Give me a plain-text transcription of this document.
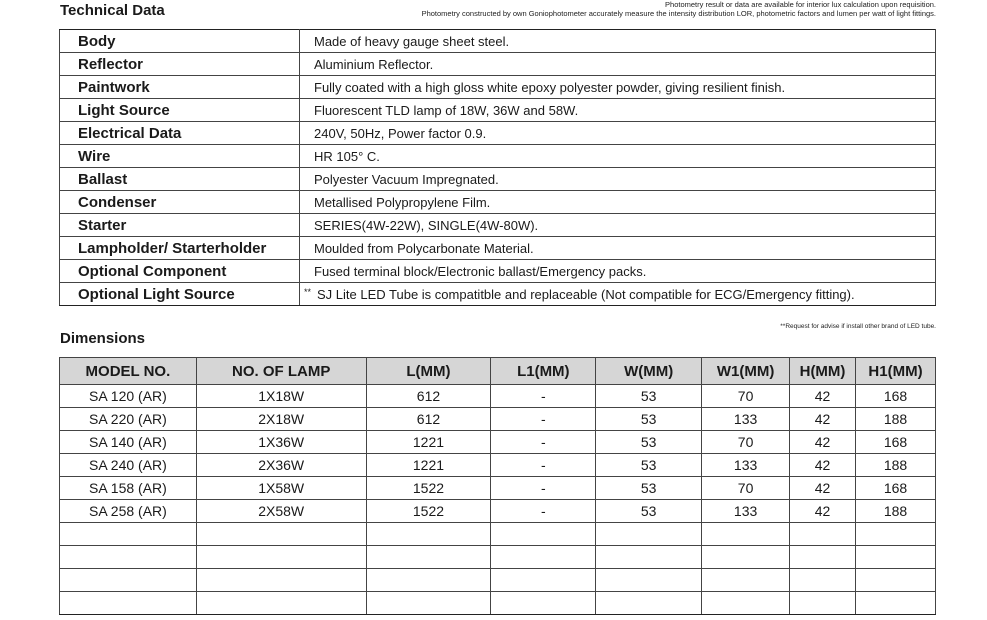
Technical Data	Photometry result or data are available for interior lux calculation upon requisition.
Photometry constructed by own Goniophotometer accurately measure the intensity distribution LOR, photometric factors and lumen per watt of light fittings.
Body	Made of heavy gauge sheet steel.
Reflector	Aluminium Reflector.
Paintwork	Fully coated with a high gloss white epoxy polyester powder, giving resilient finish.
Light Source	Fluorescent TLD lamp of 18W, 36W and 58W.
Electrical Data	240V, 50Hz, Power factor 0.9.
Wire	HR 105° C.
Ballast	Polyester Vacuum Impregnated.
Condenser	Metallised Polypropylene Film.
Starter	SERIES(4W-22W), SINGLE(4W-80W).
Lampholder/ Starterholder	Moulded from Polycarbonate Material.
Optional Component	Fused terminal block/Electronic ballast/Emergency packs.
Optional Light Source	** SJ Lite LED Tube is compatitble and replaceable (Not compatible for ECG/Emergency fitting).
Dimensions
**Request for advise if install other brand of LED tube.
MODEL NO.	NO. OF LAMP	L(MM)	L1(MM)	W(MM)	W1(MM)	H(MM)	H1(MM)
SA 120 (AR)	1X18W	612	-	53	70	42	168
SA 220 (AR)	2X18W	612	-	53	133	42	188
SA 140 (AR)	1X36W	1221	-	53	70	42	168
SA 240 (AR)	2X36W	1221	-	53	133	42	188
SA 158 (AR)	1X58W	1522	-	53	70	42	168
SA 258 (AR)	2X58W	1522	-	53	133	42	188
